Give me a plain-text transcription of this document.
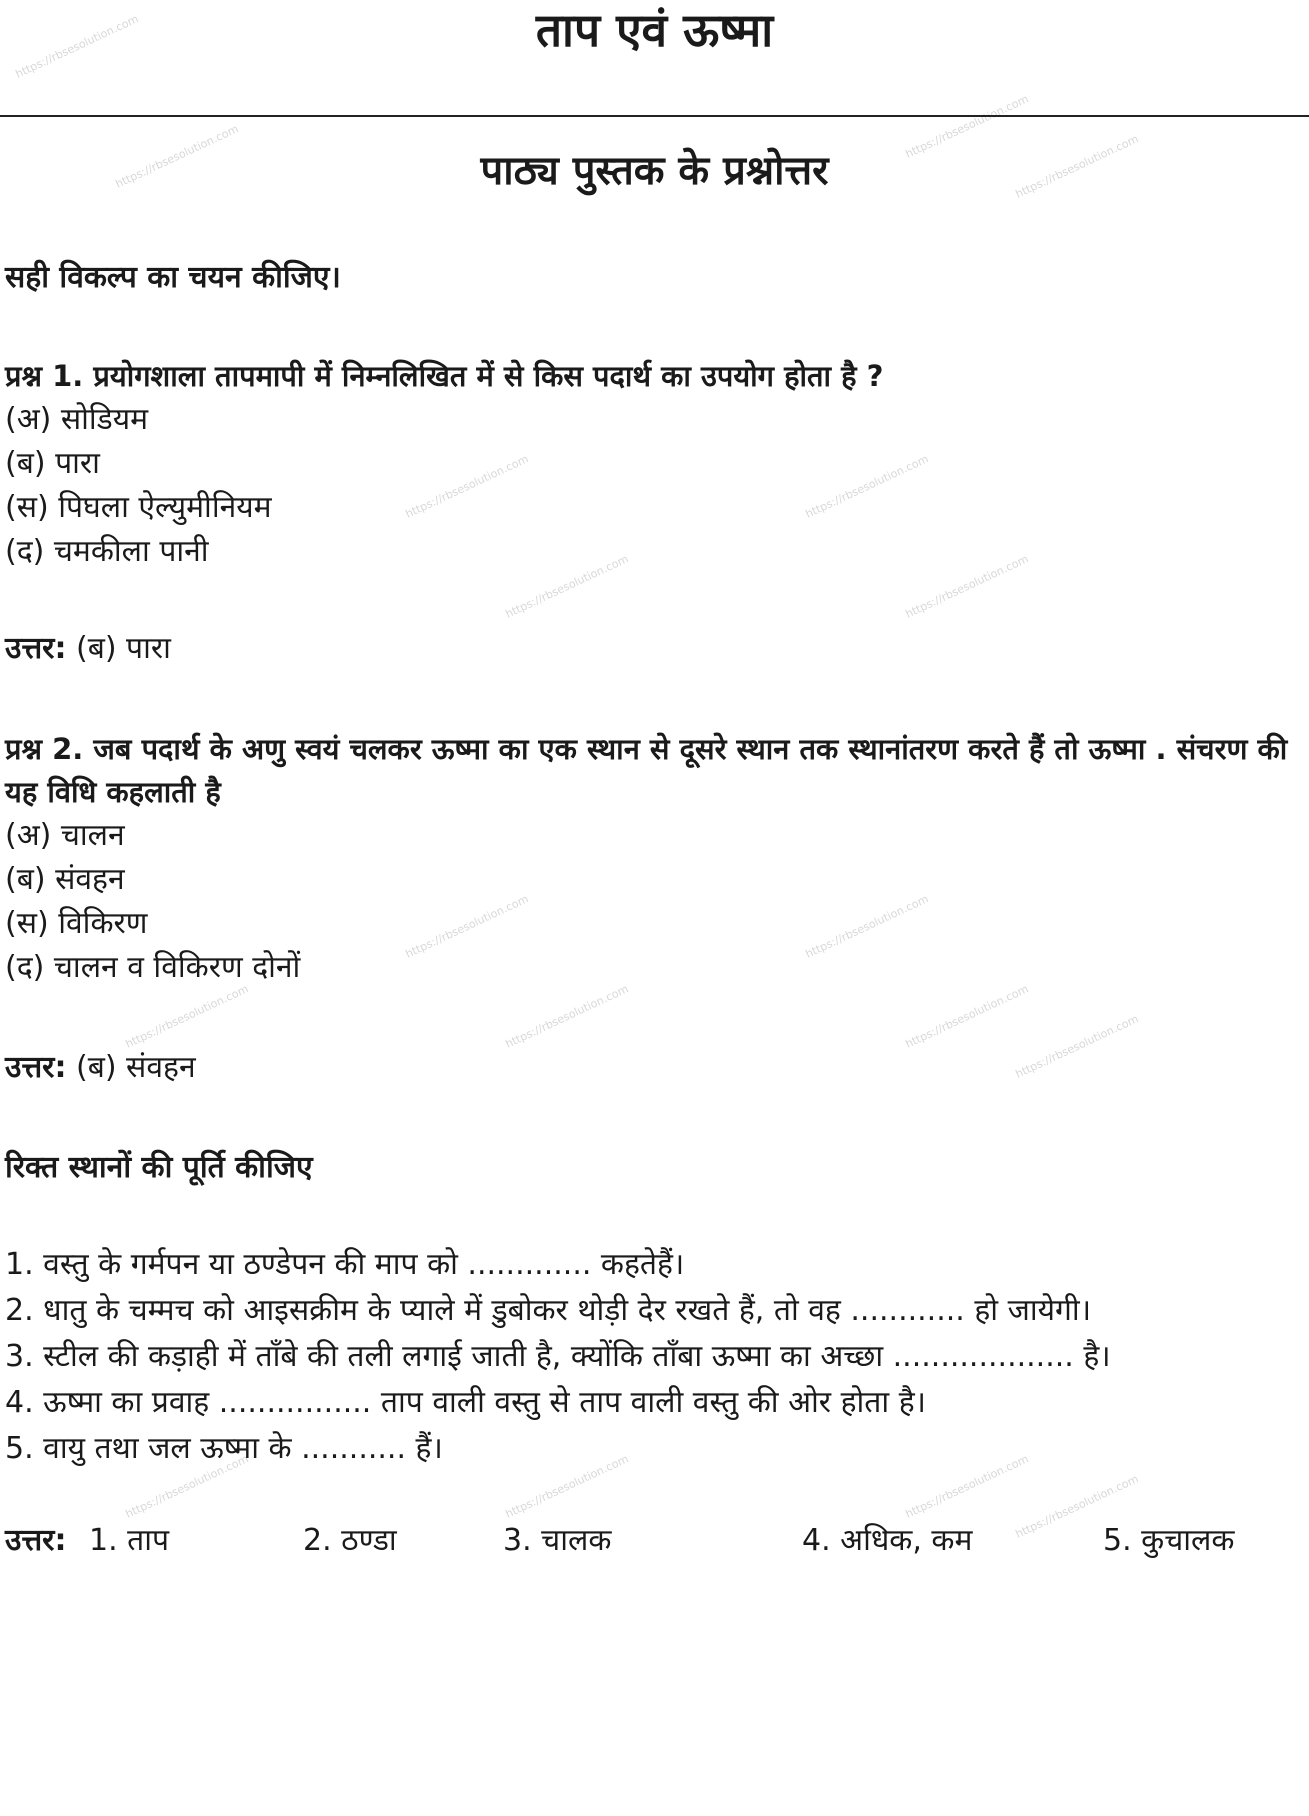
https://rbsesolution.com
https://rbsesolution.com	https://rbsesolution.com
https://rbsesolution.com
https://rbsesolution.com	https://rbsesolution.com
https://rbsesolution.com	https://rbsesolution.com
https://rbsesolution.com	https://rbsesolution.com
https://rbsesolution.com	https://rbsesolution.com	https://rbsesolution.com
https://rbsesolution.com
https://rbsesolution.com	https://rbsesolution.com	https://rbsesolution.com
https://rbsesolution.com
ताप एवं ऊष्मा
पाठ्य पुस्तक के प्रश्नोत्तर
सही विकल्प का चयन कीजिए।
प्रश्न 1. प्रयोगशाला तापमापी में निम्नलिखित में से किस पदार्थ का उपयोग होता है ?
(अ) सोडियम
(ब) पारा
(स) पिघला ऐल्युमीनियम
(द) चमकीला पानी
उत्तर: (ब) पारा
प्रश्न 2. जब पदार्थ के अणु स्वयं चलकर ऊष्मा का एक स्थान से दूसरे स्थान तक स्थानांतरण करते हैं तो ऊष्मा . संचरण की यह विधि कहलाती है
(अ) चालन
(ब) संवहन
(स) विकिरण
(द) चालन व विकिरण दोनों
उत्तर: (ब) संवहन
रिक्त स्थानों की पूर्ति कीजिए
1. वस्तु के गर्मपन या ठण्डेपन की माप को ............. कहतेहैं।
2. धातु के चम्मच को आइसक्रीम के प्याले में डुबोकर थोड़ी देर रखते हैं, तो वह ............ हो जायेगी।
3. स्टील की कड़ाही में ताँबे की तली लगाई जाती है, क्योंकि ताँबा ऊष्मा का अच्छा ................... है।
4. ऊष्मा का प्रवाह ................ ताप वाली वस्तु से ताप वाली वस्तु की ओर होता है।
5. वायु तथा जल ऊष्मा के ........... हैं।
उत्तर: 1. ताप	2. ठण्डा	3. चालक	4. अधिक, कम	5. कुचालक
